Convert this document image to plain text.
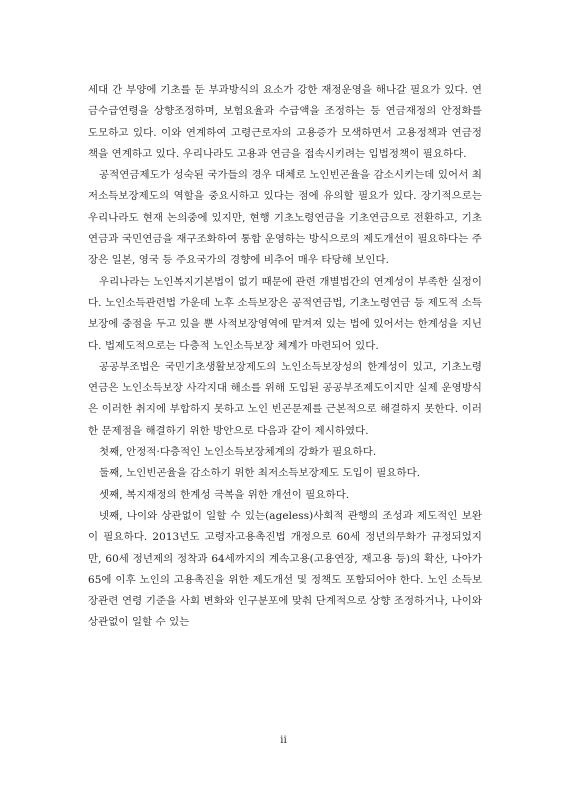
세대 간 부양에 기초를 둔 부과방식의 요소가 강한 재정운영을 해나갈 필요가 있다. 연금수급연령을 상향조정하며, 보험요율과 수급액을 조정하는 등 연금재정의 안정화를 도모하고 있다. 이와 연계하여 고령근로자의 고용증가 모색하면서 고용정책과 연금정책을 연계하고 있다. 우리나라도 고용과 연금을 접속시키려는 입법정책이 필요하다.

공적연금제도가 성숙된 국가들의 경우 대체로 노인빈곤율을 감소시키는데 있어서 최저소득보장제도의 역할을 중요시하고 있다는 점에 유의할 필요가 있다. 장기적으로는 우리나라도 현재 논의중에 있지만, 현행 기초노령연금을 기초연금으로 전환하고, 기초연금과 국민연금을 재구조화하여 통합 운영하는 방식으로의 제도개선이 필요하다는 주장은 일본, 영국 등 주요국가의 경향에 비추어 매우 타당해 보인다.

우리나라는 노인복지기본법이 없기 때문에 관련 개별법간의 연계성이 부족한 실정이다. 노인소득관련법 가운데 노후 소득보장은 공적연금법, 기초노령연금 등 제도적 소득보장에 중점을 두고 있을 뿐 사적보장영역에 맡겨져 있는 법에 있어서는 한계성을 지닌다. 법제도적으로는 다층적 노인소득보장 체계가 마련되어 있다.

공공부조법은 국민기초생활보장제도의 노인소득보장성의 한계성이 있고, 기초노령연금은 노인소득보장 사각지대 해소를 위해 도입된 공공부조제도이지만 실제 운영방식은 이러한 취지에 부합하지 못하고 노인 빈곤문제를 근본적으로 해결하지 못한다. 이러한 문제점을 해결하기 위한 방안으로 다음과 같이 제시하였다.

첫째, 안정적·다층적인 노인소득보장체계의 강화가 필요하다.

둘째, 노인빈곤율을 감소하기 위한 최저소득보장제도 도입이 필요하다.

셋째, 복지재정의 한계성 극복을 위한 개선이 필요하다.

넷째, 나이와 상관없이 일할 수 있는(ageless)사회적 관행의 조성과 제도적인 보완이 필요하다. 2013년도 고령자고용촉진법 개정으로 60세 정년의무화가 규정되었지만, 60세 정년제의 정착과 64세까지의 계속고용(고용연장, 재고용 등)의 확산, 나아가 65에 이후 노인의 고용촉진을 위한 제도개선 및 정책도 포함되어야 한다. 노인 소득보장관련 연령 기준을 사회 변화와 인구분포에 맞춰 단계적으로 상향 조정하거나, 나이와 상관없이 일할 수 있는

ii
